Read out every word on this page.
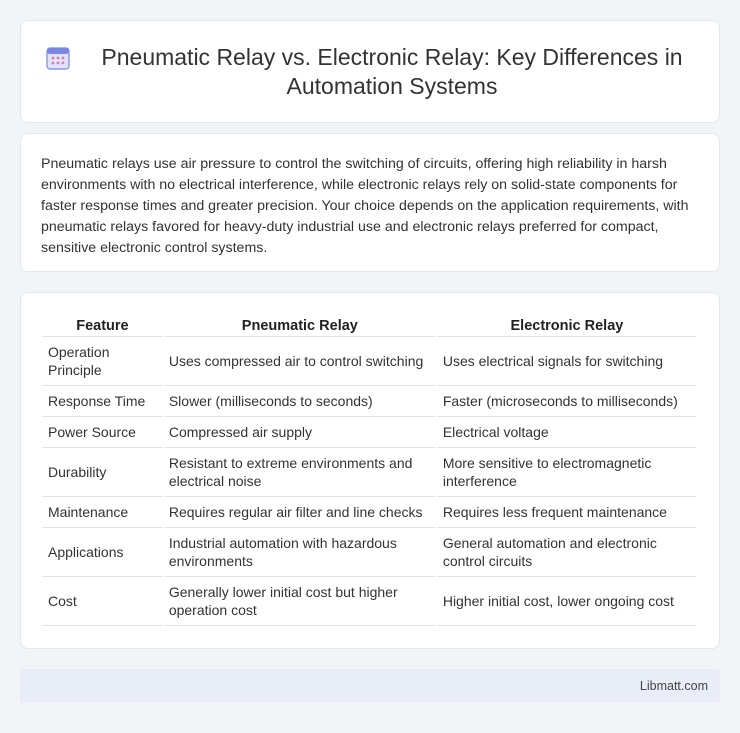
Pneumatic Relay vs. Electronic Relay: Key Differences in Automation Systems

Pneumatic relays use air pressure to control the switching of circuits, offering high reliability in harsh environments with no electrical interference, while electronic relays rely on solid-state components for faster response times and greater precision. Your choice depends on the application requirements, with pneumatic relays favored for heavy-duty industrial use and electronic relays preferred for compact, sensitive electronic control systems.

Feature	Pneumatic Relay	Electronic Relay
Operation Principle	Uses compressed air to control switching	Uses electrical signals for switching
Response Time	Slower (milliseconds to seconds)	Faster (microseconds to milliseconds)
Power Source	Compressed air supply	Electrical voltage
Durability	Resistant to extreme environments and electrical noise	More sensitive to electromagnetic interference
Maintenance	Requires regular air filter and line checks	Requires less frequent maintenance
Applications	Industrial automation with hazardous environments	General automation and electronic control circuits
Cost	Generally lower initial cost but higher operation cost	Higher initial cost, lower ongoing cost
Libmatt.com
